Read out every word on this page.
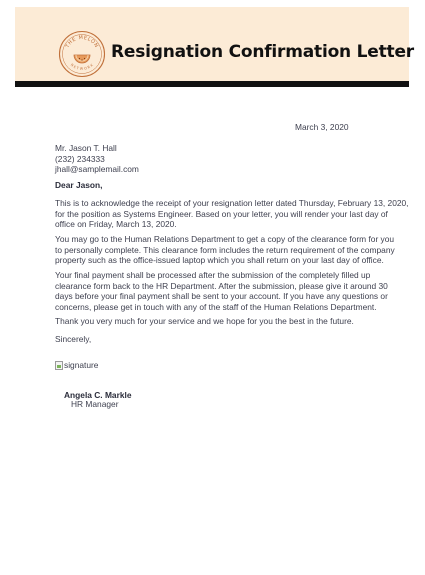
THE MELON
NETWORK
Resignation Confirmation Letter
March 3, 2020
Mr. Jason T. Hall
(232) 234333
jhall@samplemail.com
Dear Jason,
This is to acknowledge the receipt of your resignation letter dated Thursday, February 13, 2020,
for the position as Systems Engineer. Based on your letter, you will render your last day of
office on Friday, March 13, 2020.
You may go to the Human Relations Department to get a copy of the clearance form for you
to personally complete. This clearance form includes the return requirement of the company
property such as the office-issued laptop which you shall return on your last day of office.
Your final payment shall be processed after the submission of the completely filled up
clearance form back to the HR Department. After the submission, please give it around 30
days before your final payment shall be sent to your account. If you have any questions or
concerns, please get in touch with any of the staff of the Human Relations Department.
Thank you very much for your service and we hope for you the best in the future.
Sincerely,
signature
Angela C. Markle
HR Manager
